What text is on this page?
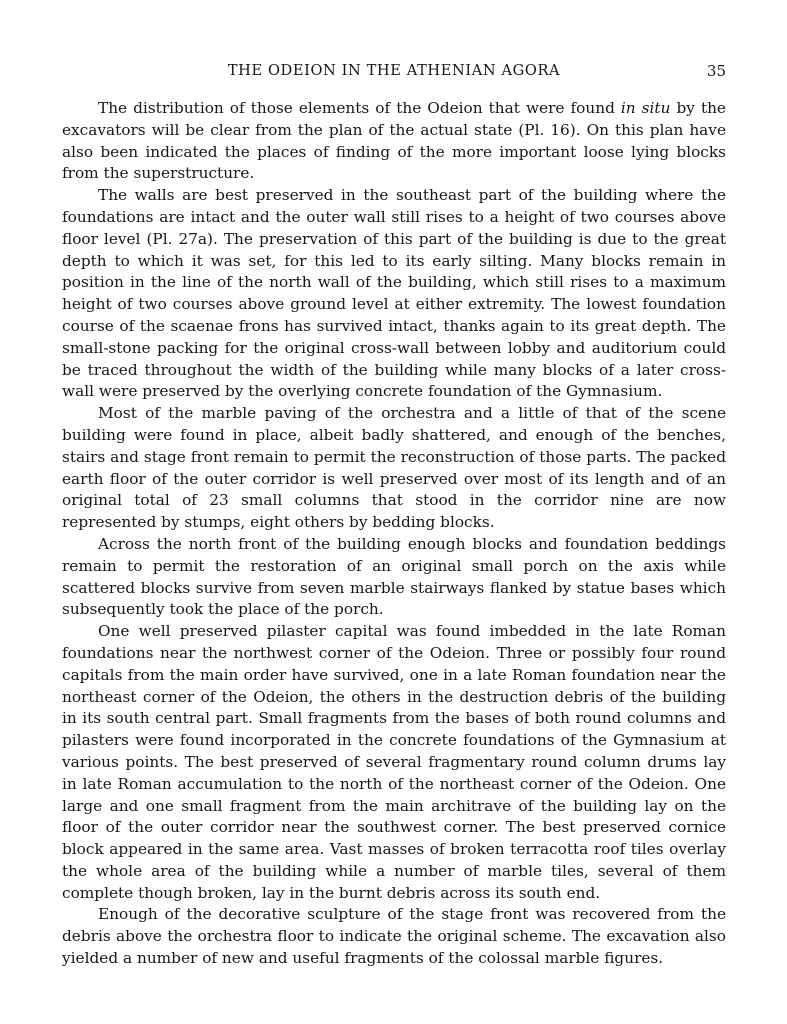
THE ODEION IN THE ATHENIAN AGORA	35

The distribution of those elements of the Odeion that were found in situ by the excavators will be clear from the plan of the actual state (Pl. 16). On this plan have also been indicated the places of finding of the more important loose lying blocks from the superstructure.

The walls are best preserved in the southeast part of the building where the foundations are intact and the outer wall still rises to a height of two courses above floor level (Pl. 27a). The preservation of this part of the building is due to the great depth to which it was set, for this led to its early silting. Many blocks remain in position in the line of the north wall of the building, which still rises to a maximum height of two courses above ground level at either extremity. The lowest foundation course of the scaenae frons has survived intact, thanks again to its great depth. The small-stone packing for the original cross-wall between lobby and auditorium could be traced throughout the width of the building while many blocks of a later cross-wall were preserved by the overlying concrete foundation of the Gymnasium.

Most of the marble paving of the orchestra and a little of that of the scene building were found in place, albeit badly shattered, and enough of the benches, stairs and stage front remain to permit the reconstruction of those parts. The packed earth floor of the outer corridor is well preserved over most of its length and of an original total of 23 small columns that stood in the corridor nine are now represented by stumps, eight others by bedding blocks.

Across the north front of the building enough blocks and foundation beddings remain to permit the restoration of an original small porch on the axis while scattered blocks survive from seven marble stairways flanked by statue bases which subsequently took the place of the porch.

One well preserved pilaster capital was found imbedded in the late Roman foundations near the northwest corner of the Odeion. Three or possibly four round capitals from the main order have survived, one in a late Roman foundation near the northeast corner of the Odeion, the others in the destruction debris of the building in its south central part. Small fragments from the bases of both round columns and pilasters were found incorporated in the concrete foundations of the Gymnasium at various points. The best preserved of several fragmentary round column drums lay in late Roman accumulation to the north of the northeast corner of the Odeion. One large and one small fragment from the main architrave of the building lay on the floor of the outer corridor near the southwest corner. The best preserved cornice block appeared in the same area. Vast masses of broken terracotta roof tiles overlay the whole area of the building while a number of marble tiles, several of them complete though broken, lay in the burnt debris across its south end.

Enough of the decorative sculpture of the stage front was recovered from the debris above the orchestra floor to indicate the original scheme. The excavation also yielded a number of new and useful fragments of the colossal marble figures.
